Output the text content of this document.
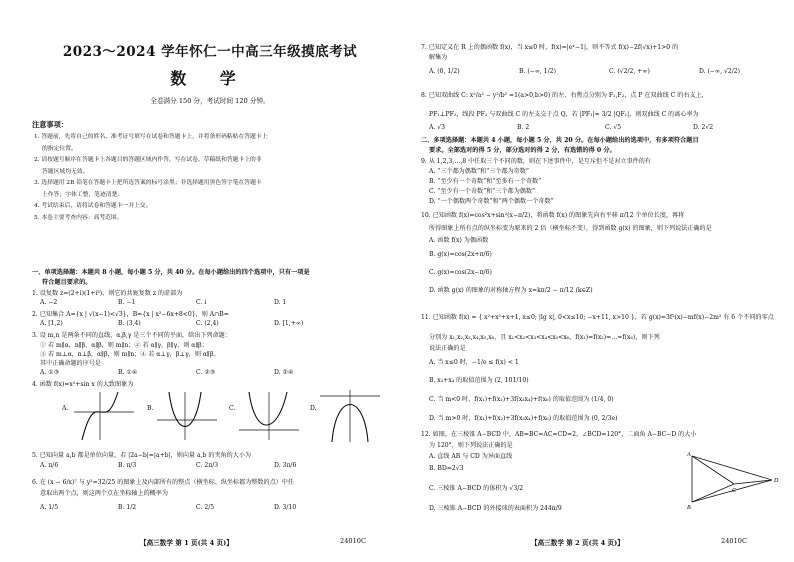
2023～2024 学年怀仁一中高三年级摸底考试
数 学
全卷满分 150 分，考试时间 120 分钟。
注意事项：
1. 答题前，先将自己的姓名、准考证号填写在试卷和答题卡上，并将条形码粘贴在答题卡上
的指定位置。
2. 请按题号顺序在答题卡上各题目的答题区域内作答，写在试卷、草稿纸和答题卡上的非
答题区域均无效。
3. 选择题用 2B 铅笔在答题卡上把所选答案的标号涂黑；非选择题用黑色签字笔在答题卡
上作答；字体工整，笔迹清楚。
4. 考试结束后，请将试卷和答题卡一并上交。
5. 本卷主要考查内容：高考范围。
一、单项选择题：本题共 8 小题，每小题 5 分，共 40 分。在每小题给出的四个选项中，只有一项是
符合题目要求的。
1. 设复数 z=(2+i)(1+i³)，则它的共轭复数 z 的虚部为
A. −2	B. −1	C. i	D. 1
2. 已知集合 A={x | √(x−1)<√3}，B={x | x²−6x+8<0}，则 A∩B=
A. [1,2)	B. (3,4)	C. (2,4)	D. [1,+∞)
3. 设 m,n 是两条不同的直线，α,β,γ 是三个不同的平面，给出下列命题：
① 若 m∥α，n∥β，α∥β，则 m∥n；② 若 α∥γ，β∥γ，则 α∥β；
③ 若 m⊥α，n⊥β，α∥β，则 m∥n；④ 若 α⊥γ，β⊥γ，则 α∥β。
其中正确命题的序号是
A. ①③	B. ①④	C. ②③	D. ②④
4. 函数 f(x)=x²+sin x 的大致图象为
A.	B.	C.	D.
5. 已知向量 a,b 都是单位向量，若 |2a−b|=|a+b|，则向量 a,b 的夹角的大小为
A. π/6	B. π/3	C. 2π/3	D. 3π/6
6. 在 (x − 6/x)⁷ 与 y²=32/25 的图象上及内部所有的整点（横坐标、纵坐标都为整数的点）中任
意取出两个点，则这两个点在坐标轴上的概率为
A. 1/5	B. 1/2	C. 2/5	D. 3/10
【高三数学 第 1 页(共 4 页)】	24010C
7. 已知定义在 R 上的偶函数 f(x)，当 x≤0 时，f(x)=|eˣ−1|，则不等式 f(x)−2f(√x)+1>0 的
解集为
A. (0, 1/2)	B. (−∞, 1/2)	C. (√2/2, +∞)	D. (−∞, √2/2)
8. 已知双曲线 C: x²/a² − y²/b² =1(a>0,b>0) 的左、右焦点分别为 F₁,F₂，点 P 在双曲线 C 的右支上，
PF₁⊥PF₂，线段 PF₁ 与双曲线 C 的左支交于点 Q，若 |PF₁|= 3/2 |QF₁|，则双曲线 C 的离心率为
A. √3	B. 2	C. √5	D. 2√2
二、多项选择题：本题共 4 小题，每小题 5 分，共 20 分。在每小题给出的选项中，有多项符合题目
要求。全部选对的得 5 分，部分选对的得 2 分，有选错的得 0 分。
9. 从 1,2,3,…,8 中任取三个不同的数，则在下述事件中，是互斥但不是对立事件的有
A. “三个都为偶数”和“三个都为奇数”
B. “至少有一个奇数”和“至多有一个奇数”
C. “至少有一个奇数”和“三个都为偶数”
D. “一个偶数两个奇数”和“两个偶数一个奇数”
10. 已知函数 f(x)=cos²x+sin²(x−π/2)，将函数 f(x) 的图象先向右平移 π/12 个单位长度，再将
所得图象上所有点的纵坐标变为原来的 2 倍（横坐标不变），得到函数 g(x) 的图象，则下列说法正确的是
A. 函数 f(x) 为偶函数
B. g(x)=cos(2x+π/6)
C. g(x)=cos(2x−π/6)
D. 函数 g(x) 的图象的对称轴方程为 x=kπ/2 − π/12 (k∈Z)
11. 已知函数 f(x) = { x²+x²+x+1, x≤0; |lg x|, 0<x≤10; −x+11, x>10 }，若 g(x)=3f²(x)−mf(x)−2m² 有 6 个不同的零点
分别为 x₁,x₂,x₃,x₄,x₅,x₆，且 x₁<x₂<x₃<x₄<x₅<x₆，f(x₁)=f(x₂)=…=f(x₆)，则下列
说法正确的是
A. 当 x≤0 时，−1/e ≤ f(x) < 1
B. x₃+x₄ 的取值范围为 (2, 101/10)
C. 当 m<0 时，f(x₁)+f(x₂)+3f(x₃x₄)+f(x₆) 的取值范围为 (1/4, 0)
D. 当 m>0 时，f(x₁)+f(x₂)+3f(x₃x₄)+f(x₆) 的取值范围为 (0, 2/3e)
12. 如图，在三棱锥 A−BCD 中，AB=BC=AC=CD=2，∠BCD=120°，二面角 A−BC−D 的大小
为 120°，则下列说法正确的是
A. 直线 AB 与 CD 为异面直线
B. BD=2√3
C. 三棱锥 A−BCD 的体积为 √3/2
D. 三棱锥 A−BCD 的外接球的表面积为 244π/9
A
B
C
D
【高三数学 第 2 页(共 4 页)】	24010C
